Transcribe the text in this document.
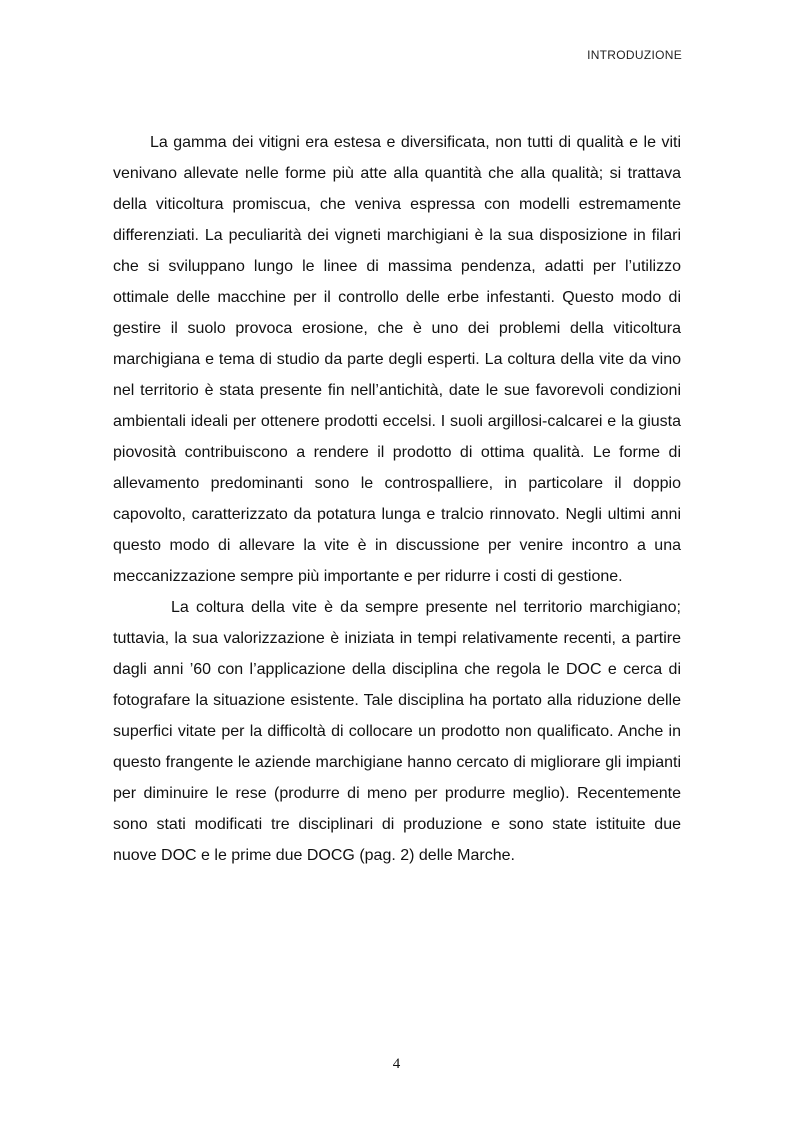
INTRODUZIONE

La gamma dei vitigni era estesa e diversificata, non tutti di qualità e le viti venivano allevate nelle forme più atte alla quantità che alla qualità; si trattava della viticoltura promiscua, che veniva espressa con modelli estremamente differenziati. La peculiarità dei vigneti marchigiani è la sua disposizione in filari che si sviluppano lungo le linee di massima pendenza, adatti per l’utilizzo ottimale delle macchine per il controllo delle erbe infestanti. Questo modo di gestire il suolo provoca erosione, che è uno dei problemi della viticoltura marchigiana e tema di studio da parte degli esperti. La coltura della vite da vino nel territorio è stata presente fin nell’antichità, date le sue favorevoli condizioni ambientali ideali per ottenere prodotti eccelsi. I suoli argillosi-calcarei e la giusta piovosità contribuiscono a rendere il prodotto di ottima qualità. Le forme di allevamento predominanti sono le controspalliere, in particolare il doppio capovolto, caratterizzato da potatura lunga e tralcio rinnovato. Negli ultimi anni questo modo di allevare la vite è in discussione per venire incontro a una meccanizzazione sempre più importante e per ridurre i costi di gestione.

La coltura della vite è da sempre presente nel territorio marchigiano; tuttavia, la sua valorizzazione è iniziata in tempi relativamente recenti, a partire dagli anni ’60 con l’applicazione della disciplina che regola le DOC e cerca di fotografare la situazione esistente. Tale disciplina ha portato alla riduzione delle superfici vitate per la difficoltà di collocare un prodotto non qualificato. Anche in questo frangente le aziende marchigiane hanno cercato di migliorare gli impianti per diminuire le rese (produrre di meno per produrre meglio). Recentemente sono stati modificati tre disciplinari di produzione e sono state istituite due nuove DOC e le prime due DOCG (pag. 2) delle Marche.

4
